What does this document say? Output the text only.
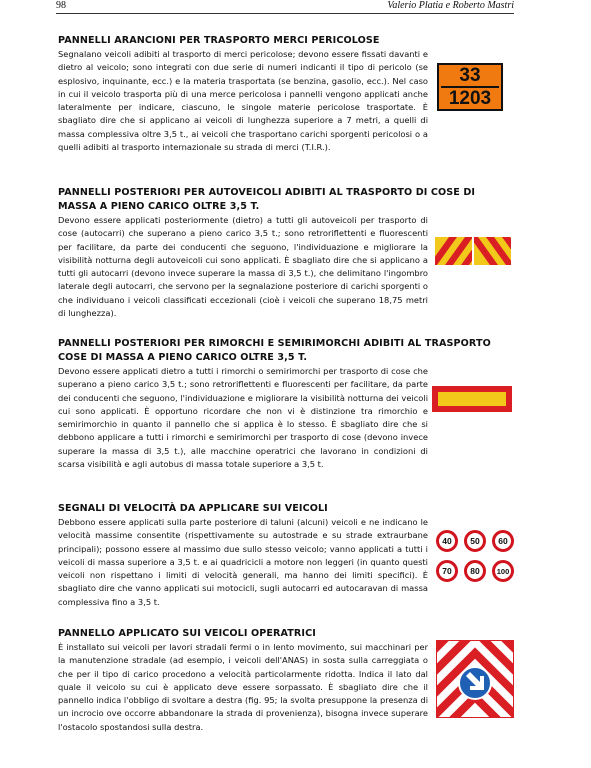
98	Valerio Platia e Roberto Mastri

PANNELLI ARANCIONI PER TRASPORTO MERCI PERICOLOSE

Segnalano veicoli adibiti al trasporto di merci pericolose; devono essere fissati davanti e dietro al veicolo; sono integrati con due serie di numeri indicanti il tipo di pericolo (se esplosivo, inquinante, ecc.) e la materia trasportata (se benzina, gasolio, ecc.). Nel caso in cui il veicolo trasporta più di una merce pericolosa i pannelli vengono applicati anche lateralmente per indicare, ciascuno, le singole materie pericolose trasportate. È sbagliato dire che si applicano ai veicoli di lunghezza superiore a 7 metri, a quelli di massa complessiva oltre 3,5 t., ai veicoli che trasportano carichi sporgenti pericolosi o a quelli adibiti al trasporto internazionale su strada di merci (T.I.R.).

33
1203

PANNELLI POSTERIORI PER AUTOVEICOLI ADIBITI AL TRASPORTO DI COSE DI MASSA A PIENO CARICO OLTRE 3,5 T.

Devono essere applicati posteriormente (dietro) a tutti gli autoveicoli per trasporto di cose (autocarri) che superano a pieno carico 3,5 t.; sono retroriflettenti e fluorescenti per facilitare, da parte dei conducenti che seguono, l'individuazione e migliorare la visibilità notturna degli autoveicoli cui sono applicati. È sbagliato dire che si applicano a tutti gli autocarri (devono invece superare la massa di 3,5 t.), che delimitano l'ingombro laterale degli autocarri, che servono per la segnalazione posteriore di carichi sporgenti o che individuano i veicoli classificati eccezionali (cioè i veicoli che superano 18,75 metri di lunghezza).

PANNELLI POSTERIORI PER RIMORCHI E SEMIRIMORCHI ADIBITI AL TRASPORTO COSE DI MASSA A PIENO CARICO OLTRE 3,5 T.

Devono essere applicati dietro a tutti i rimorchi o semirimorchi per trasporto di cose che superano a pieno carico 3,5 t.; sono retroriflettenti e fluorescenti per facilitare, da parte dei conducenti che seguono, l'individuazione e migliorare la visibilità notturna dei veicoli cui sono applicati. È opportuno ricordare che non vi è distinzione tra rimorchio e semirimorchio in quanto il pannello che si applica è lo stesso. È sbagliato dire che si debbono applicare a tutti i rimorchi e semirimorchi per trasporto di cose (devono invece superare la massa di 3,5 t.), alle macchine operatrici che lavorano in condizioni di scarsa visibilità e agli autobus di massa totale superiore a 3,5 t.

SEGNALI DI VELOCITÀ DA APPLICARE SUI VEICOLI

Debbono essere applicati sulla parte posteriore di taluni (alcuni) veicoli e ne indicano le velocità massime consentite (rispettivamente su autostrade e su strade extraurbane principali); possono essere al massimo due sullo stesso veicolo; vanno applicati a tutti i veicoli di massa superiore a 3,5 t. e ai quadricicli a motore non leggeri (in quanto questi veicoli non rispettano i limiti di velocità generali, ma hanno dei limiti specifici). È sbagliato dire che vanno applicati sui motocicli, sugli autocarri ed autocaravan di massa complessiva fino a 3,5 t.

40	50	60
70	80	100

PANNELLO APPLICATO SUI VEICOLI OPERATRICI

È installato sui veicoli per lavori stradali fermi o in lento movimento, sui macchinari per la manutenzione stradale (ad esempio, i veicoli dell'ANAS) in sosta sulla carreggiata o che per il tipo di carico procedono a velocità particolarmente ridotta. Indica il lato dal quale il veicolo su cui è applicato deve essere sorpassato. È sbagliato dire che il pannello indica l'obbligo di svoltare a destra (fig. 95; la svolta presuppone la presenza di un incrocio ove occorre abbandonare la strada di provenienza), bisogna invece superare l'ostacolo spostandosi sulla destra.
